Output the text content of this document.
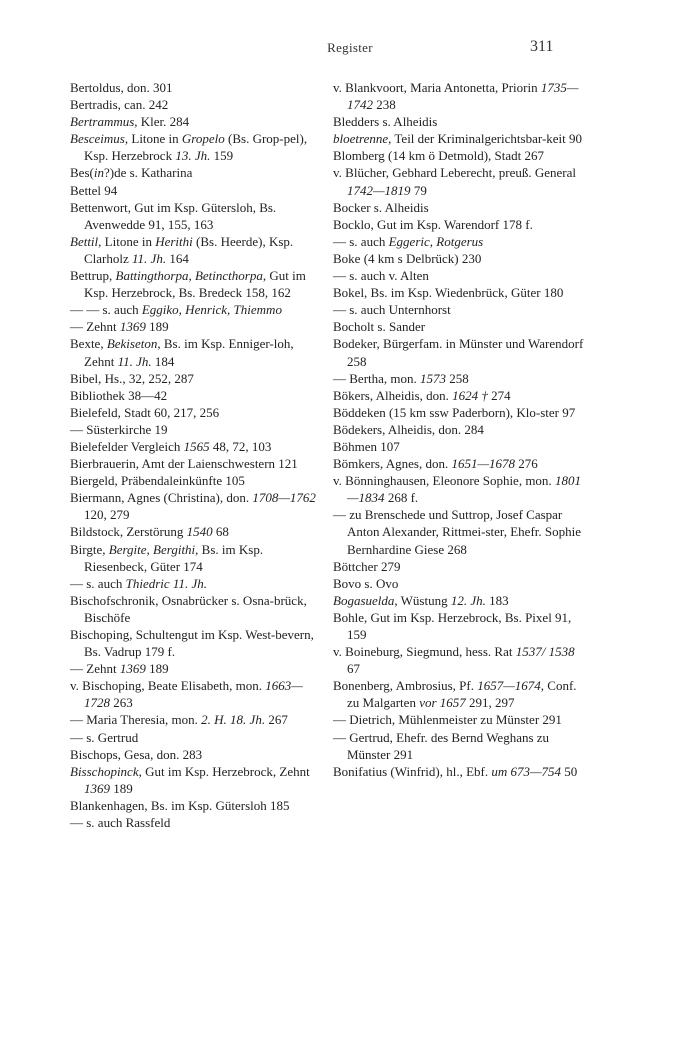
Register	311
Bertoldus, don. 301
Bertradis, can. 242
Bertrammus, Kler. 284
Besceimus, Litone in Gropelo (Bs. Grop-pel), Ksp. Herzebrock 13. Jh. 159
Bes(in?)de s. Katharina
Bettel 94
Bettenwort, Gut im Ksp. Gütersloh, Bs. Avenwedde 91, 155, 163
Bettil, Litone in Herithi (Bs. Heerde), Ksp. Clarholz 11. Jh. 164
Bettrup, Battingthorpa, Betincthorpa, Gut im Ksp. Herzebrock, Bs. Bredeck 158, 162
— — s. auch Eggiko, Henrick, Thiemmo
— Zehnt 1369 189
Bexte, Bekiseton, Bs. im Ksp. Enniger-loh, Zehnt 11. Jh. 184
Bibel, Hs., 32, 252, 287
Bibliothek 38—42
Bielefeld, Stadt 60, 217, 256
— Süsterkirche 19
Bielefelder Vergleich 1565 48, 72, 103
Bierbrauerin, Amt der Laienschwestern 121
Biergeld, Präbendaleinkünfte 105
Biermann, Agnes (Christina), don. 1708—1762 120, 279
Bildstock, Zerstörung 1540 68
Birgte, Bergite, Bergithi, Bs. im Ksp. Riesenbeck, Güter 174
— s. auch Thiedric 11. Jh.
Bischofschronik, Osnabrücker s. Osna-brück, Bischöfe
Bischoping, Schultengut im Ksp. West-bevern, Bs. Vadrup 179 f.
— Zehnt 1369 189
v. Bischoping, Beate Elisabeth, mon. 1663—1728 263
— Maria Theresia, mon. 2. H. 18. Jh. 267
— s. Gertrud
Bischops, Gesa, don. 283
Bisschopinck, Gut im Ksp. Herzebrock, Zehnt 1369 189
Blankenhagen, Bs. im Ksp. Gütersloh 185
— s. auch Rassfeld
v. Blankvoort, Maria Antonetta, Priorin 1735—1742 238
Bledders s. Alheidis
bloetrenne, Teil der Kriminalgerichtsbar-keit 90
Blomberg (14 km ö Detmold), Stadt 267
v. Blücher, Gebhard Leberecht, preuß. General 1742—1819 79
Bocker s. Alheidis
Bocklo, Gut im Ksp. Warendorf 178 f.
— s. auch Eggeric, Rotgerus
Boke (4 km s Delbrück) 230
— s. auch v. Alten
Bokel, Bs. im Ksp. Wiedenbrück, Güter 180
— s. auch Unternhorst
Bocholt s. Sander
Bodeker, Bürgerfam. in Münster und Warendorf 258
— Bertha, mon. 1573 258
Bökers, Alheidis, don. 1624 † 274
Böddeken (15 km ssw Paderborn), Klo-ster 97
Bödekers, Alheidis, don. 284
Böhmen 107
Bömkers, Agnes, don. 1651—1678 276
v. Bönninghausen, Eleonore Sophie, mon. 1801—1834 268 f.
— zu Brenschede und Suttrop, Josef Caspar Anton Alexander, Rittmei-ster, Ehefr. Sophie Bernhardine Giese 268
Böttcher 279
Bovo s. Ovo
Bogasuelda, Wüstung 12. Jh. 183
Bohle, Gut im Ksp. Herzebrock, Bs. Pixel 91, 159
v. Boineburg, Siegmund, hess. Rat 1537/ 1538 67
Bonenberg, Ambrosius, Pf. 1657—1674, Conf. zu Malgarten vor 1657 291, 297
— Dietrich, Mühlenmeister zu Münster 291
— Gertrud, Ehefr. des Bernd Weghans zu Münster 291
Bonifatius (Winfrid), hl., Ebf. um 673—754 50
